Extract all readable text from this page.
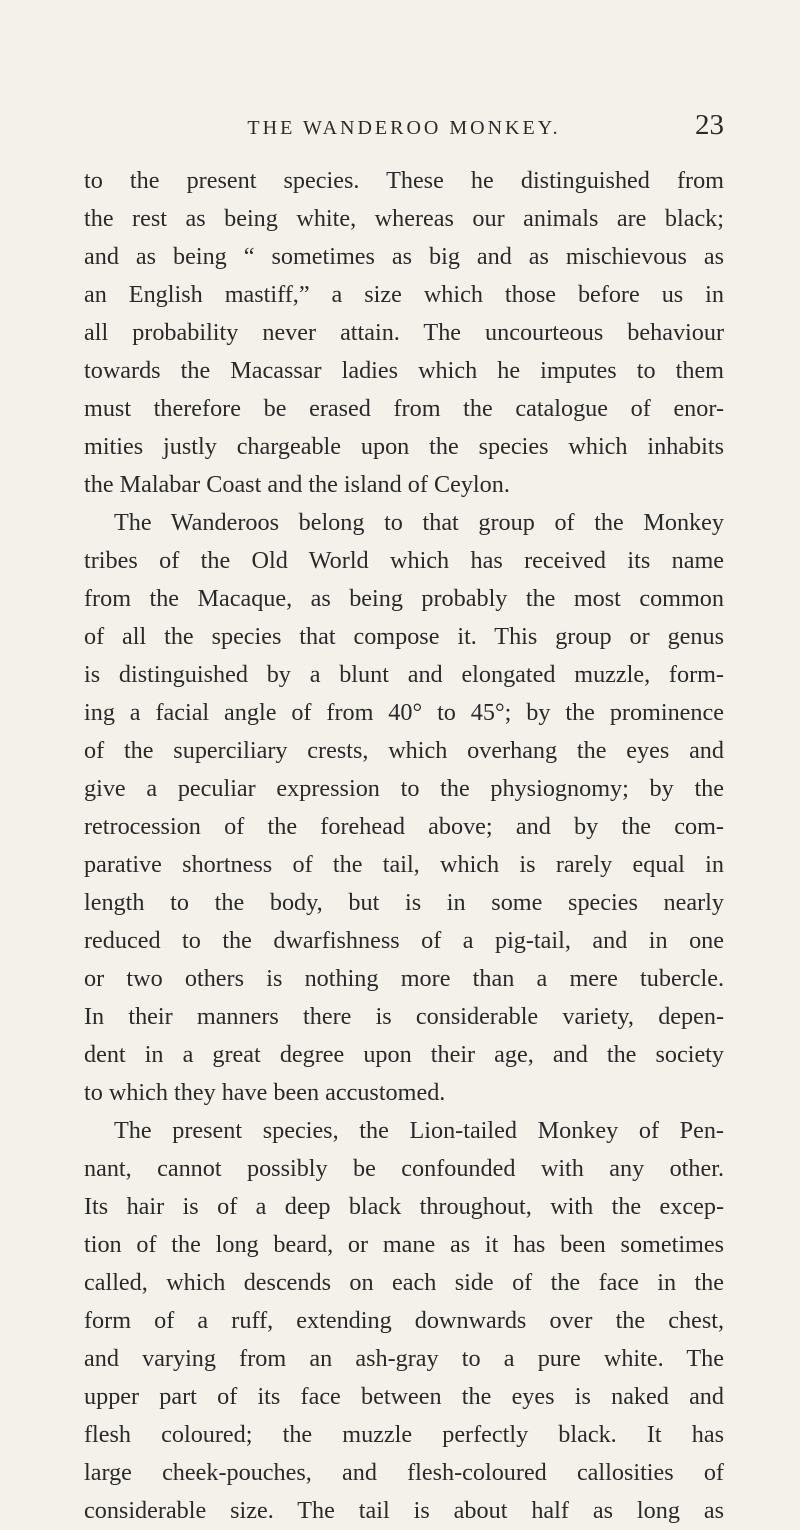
THE WANDEROO MONKEY.	23
to the present species. These he distinguished from
the rest as being white, whereas our animals are black;
and as being “ sometimes as big and as mischievous as
an English mastiff,” a size which those before us in
all probability never attain. The uncourteous behaviour
towards the Macassar ladies which he imputes to them
must therefore be erased from the catalogue of enor-
mities justly chargeable upon the species which inhabits
the Malabar Coast and the island of Ceylon.
The Wanderoos belong to that group of the Monkey
tribes of the Old World which has received its name
from the Macaque, as being probably the most common
of all the species that compose it. This group or genus
is distinguished by a blunt and elongated muzzle, form-
ing a facial angle of from 40° to 45°; by the prominence
of the superciliary crests, which overhang the eyes and
give a peculiar expression to the physiognomy; by the
retrocession of the forehead above; and by the com-
parative shortness of the tail, which is rarely equal in
length to the body, but is in some species nearly
reduced to the dwarfishness of a pig-tail, and in one
or two others is nothing more than a mere tubercle.
In their manners there is considerable variety, depen-
dent in a great degree upon their age, and the society
to which they have been accustomed.
The present species, the Lion-tailed Monkey of Pen-
nant, cannot possibly be confounded with any other.
Its hair is of a deep black throughout, with the excep-
tion of the long beard, or mane as it has been sometimes
called, which descends on each side of the face in the
form of a ruff, extending downwards over the chest,
and varying from an ash-gray to a pure white. The
upper part of its face between the eyes is naked and
flesh coloured; the muzzle perfectly black. It has
large cheek-pouches, and flesh-coloured callosities of
considerable size. The tail is about half as long as
